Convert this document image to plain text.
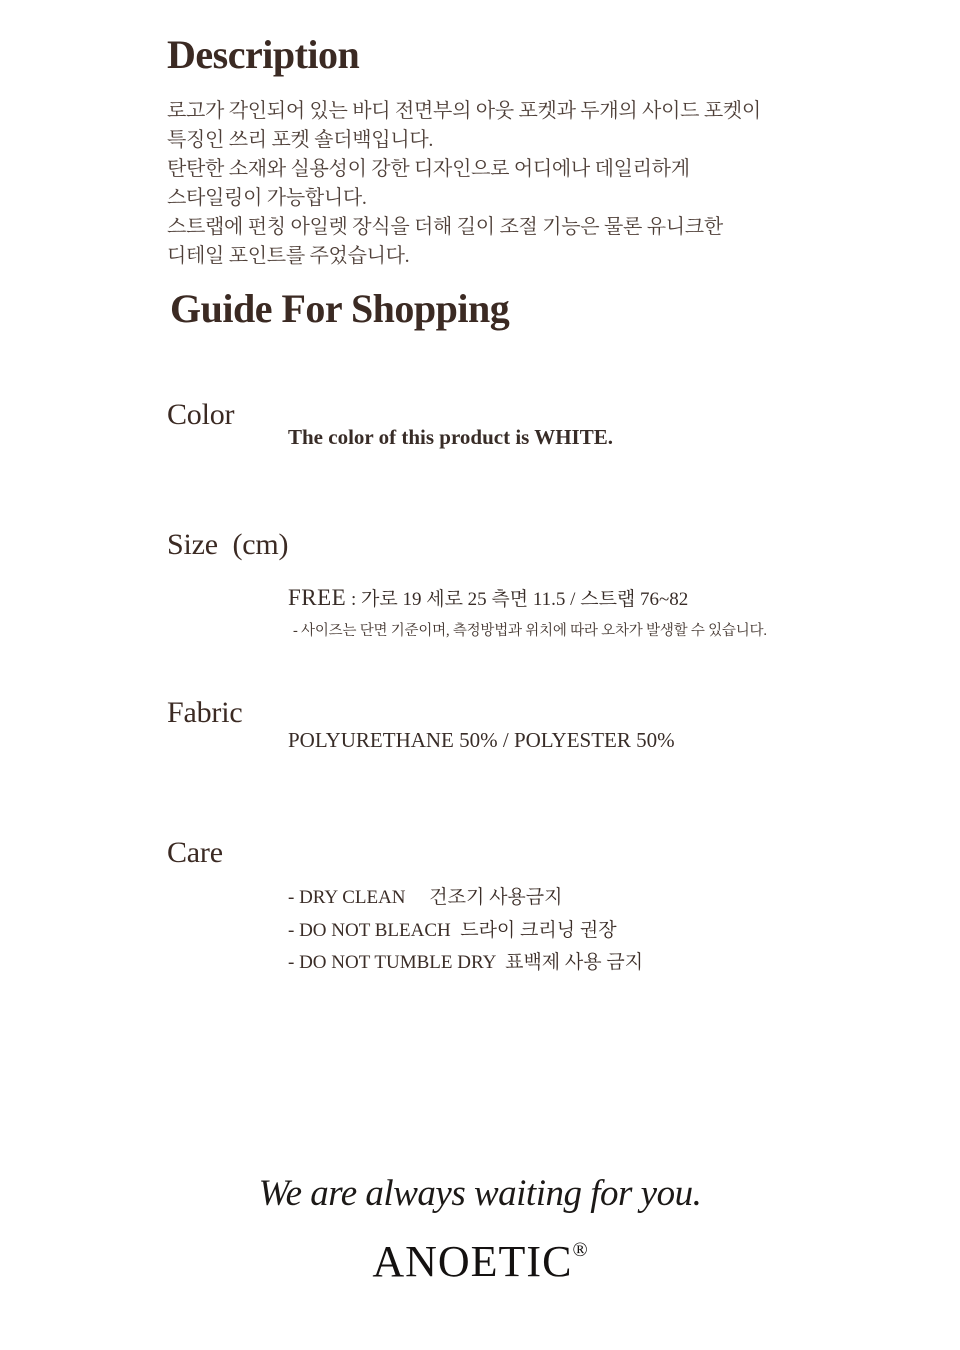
Description
로고가 각인되어 있는 바디 전면부의 아웃 포켓과 두개의 사이드 포켓이
특징인 쓰리 포켓 숄더백입니다.
탄탄한 소재와 실용성이 강한 디자인으로 어디에나 데일리하게
스타일링이 가능합니다.
스트랩에 펀칭 아일렛 장식을 더해 길이 조절 기능은 물론 유니크한
디테일 포인트를 주었습니다.
Guide For Shopping
Color
The color of this product is WHITE.
Size  (cm)
FREE : 가로 19 세로 25 측면 11.5 / 스트랩 76~82
- 사이즈는 단면 기준이며, 측정방법과 위치에 따라 오차가 발생할 수 있습니다.
Fabric
POLYURETHANE 50% / POLYESTER 50%
Care
- DRY CLEAN     건조기 사용금지
- DO NOT BLEACH  드라이 크리닝 권장
- DO NOT TUMBLE DRY  표백제 사용 금지
We are always waiting for you.
ANOETIC®
